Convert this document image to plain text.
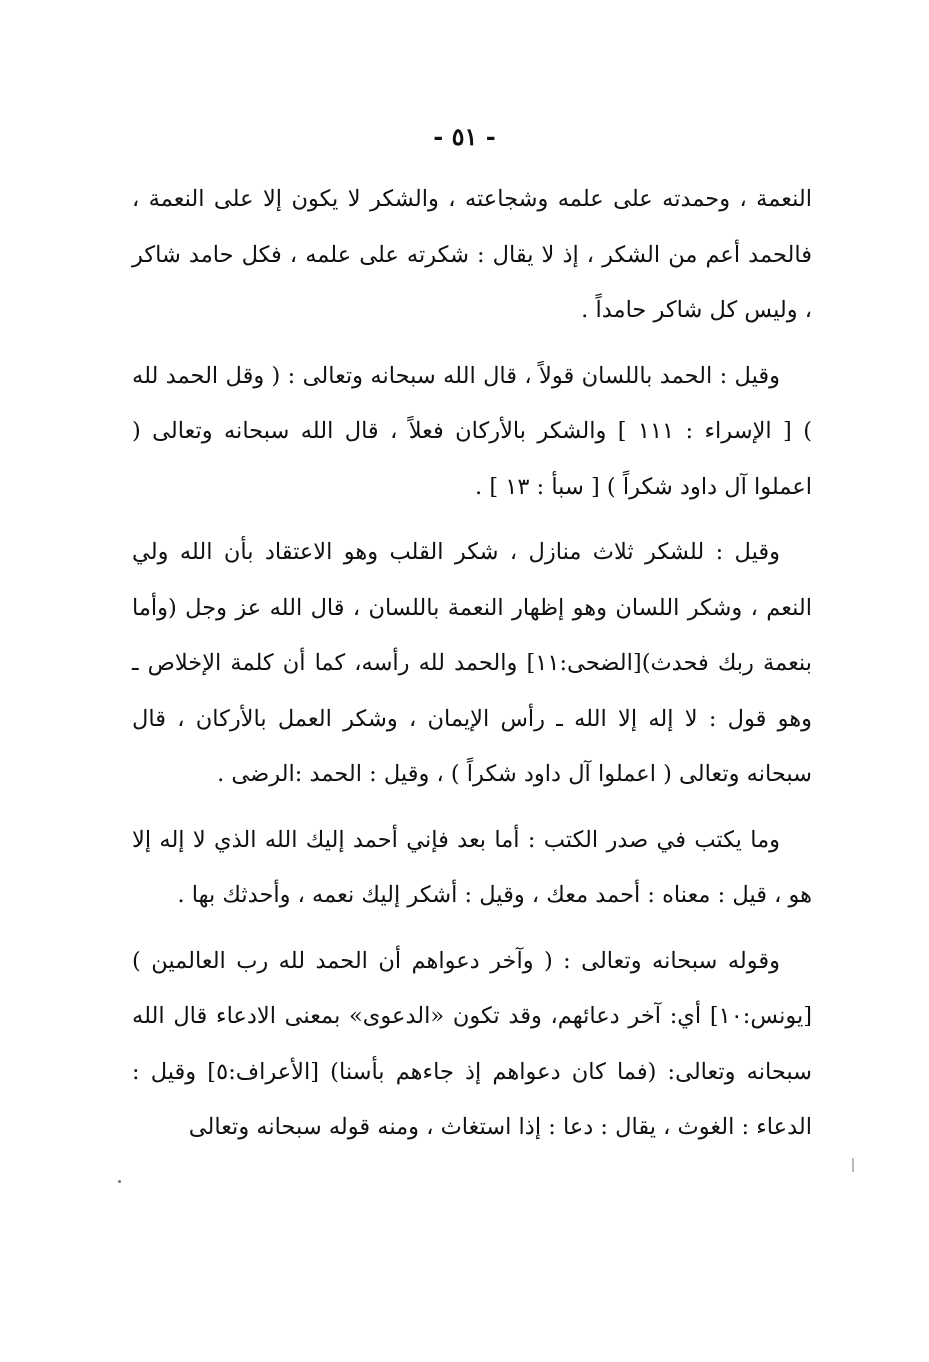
- ٥١ -

النعمة ، وحمدته على علمه وشجاعته ، والشكر لا يكون إلا على النعمة ، فالحمد أعم من الشكر ، إذ لا يقال : شكرته على علمه ، فكل حامد شاكر ، وليس كل شاكر حامداً .

وقيل : الحمد باللسان قولاً ، قال الله سبحانه وتعالى : ( وقل الحمد لله ) [ الإسراء : ١١١ ] والشكر بالأركان فعلاً ، قال الله سبحانه وتعالى ( اعملوا آل داود شكراً ) [ سبأ : ١٣ ] .

وقيل : للشكر ثلاث منازل ، شكر القلب وهو الاعتقاد بأن الله ولي النعم ، وشكر اللسان وهو إظهار النعمة باللسان ، قال الله عز وجل (وأما بنعمة ربك فحدث)[الضحى:١١] والحمد لله رأسه، كما أن كلمة الإخلاص ـ وهو قول : لا إله إلا الله ـ رأس الإيمان ، وشكر العمل بالأركان ، قال سبحانه وتعالى ( اعملوا آل داود شكراً ) ، وقيل : الحمد :الرضى .

وما يكتب في صدر الكتب : أما بعد فإني أحمد إليك الله الذي لا إله إلا هو ، قيل : معناه : أحمد معك ، وقيل : أشكر إليك نعمه ، وأحدثك بها .

وقوله سبحانه وتعالى : ( وآخر دعواهم أن الحمد لله رب العالمين ) [يونس:١٠] أي: آخر دعائهم، وقد تكون «الدعوى» بمعنى الادعاء قال الله سبحانه وتعالى: (فما كان دعواهم إذ جاءهم بأسنا) [الأعراف:٥] وقيل : الدعاء : الغوث ، يقال : دعا : إذا استغاث ، ومنه قوله سبحانه وتعالى
